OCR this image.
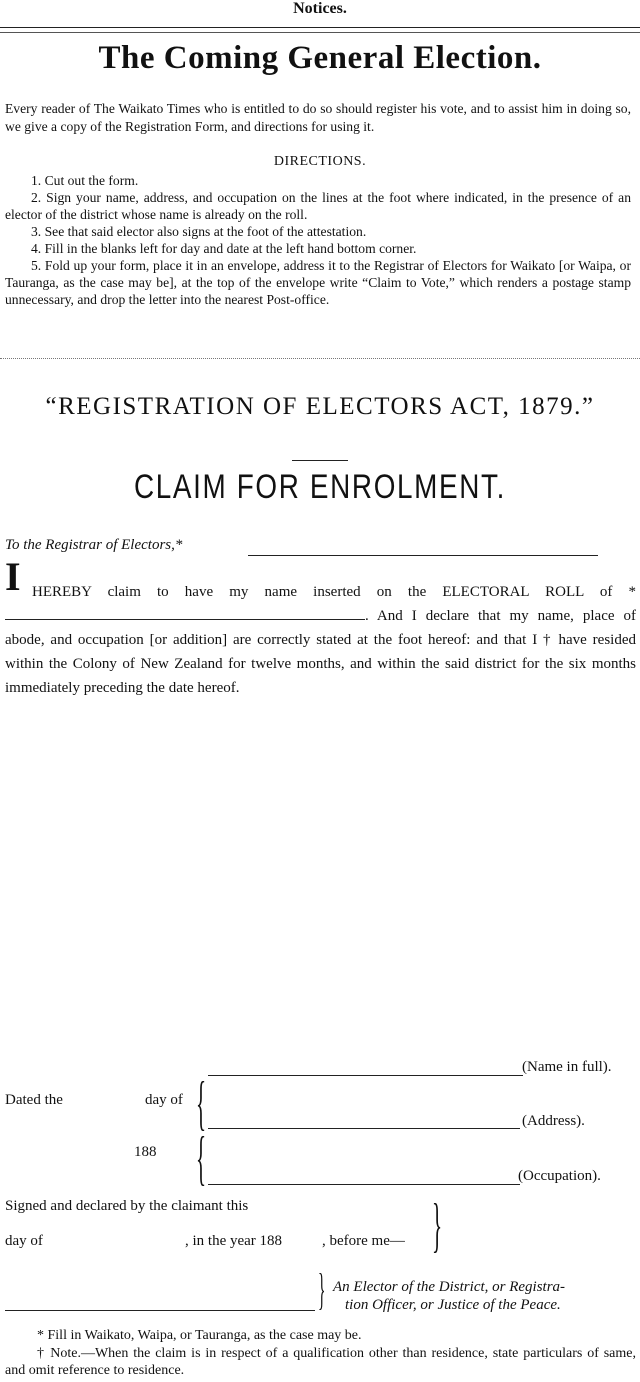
Notices.
The Coming General Election.
Every reader of The Waikato Times who is entitled to do so should register his vote, and to assist him in doing so, we give a copy of the Registration Form, and directions for using it.
DIRECTIONS.

1. Cut out the form.

2. Sign your name, address, and occupation on the lines at the foot where indicated, in the presence of an elector of the district whose name is already on the roll.

3. See that said elector also signs at the foot of the attestation.

4. Fill in the blanks left for day and date at the left hand bottom corner.

5. Fold up your form, place it in an envelope, address it to the Registrar of Electors for Waikato [or Waipa, or Tauranga, as the case may be], at the top of the envelope write “Claim to Vote,” which renders a postage stamp unnecessary, and drop the letter into the nearest Post-office.

“REGISTRATION OF ELECTORS ACT, 1879.”
CLAIM FOR ENROLMENT.
To the Registrar of Electors,*
I HEREBY claim to have my name inserted on the ELECTORAL ROLL of * . And I declare that my name, place of abode, and occupation [or addition] are correctly stated at the foot hereof: and that I † have resided within the Colony of New Zealand for twelve months, and within the said district for the six months immediately preceding the date hereof.
(Name in full).
Dated the	day of {
{
(Address).
188
(Occupation).
Signed and declared by the claimant this
day of	, in the year 188	, before me— }
} An Elector of the District, or Registra-
tion Officer, or Justice of the Peace.
* Fill in Waikato, Waipa, or Tauranga, as the case may be.
† Note.—When the claim is in respect of a qualification other than residence, state particulars of same, and omit reference to residence.
